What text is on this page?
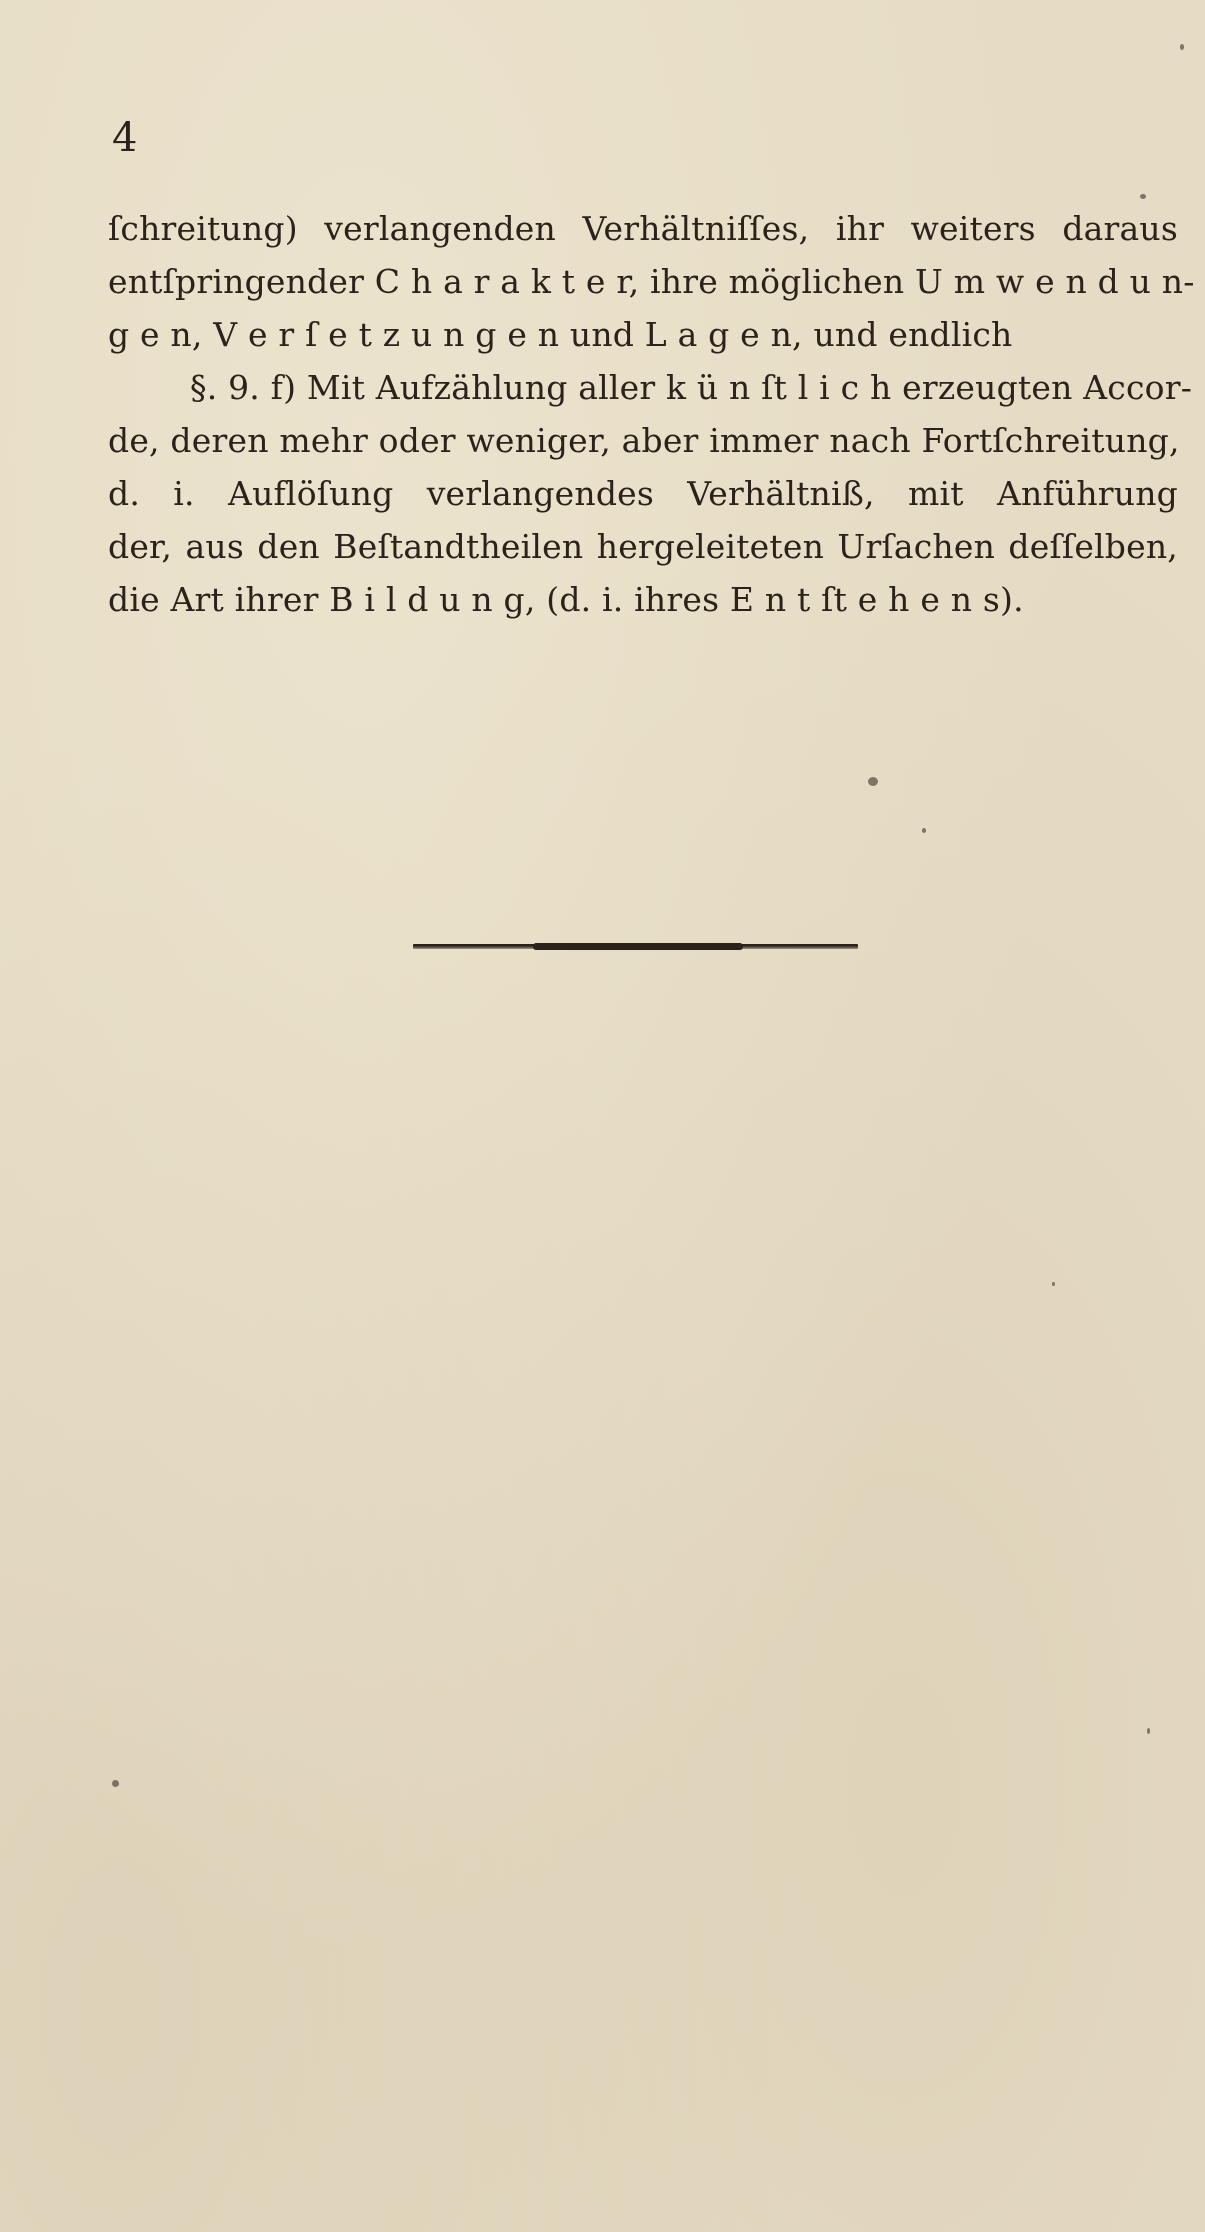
4
ſchreitung) verlangenden Verhältniſſes, ihr weiters daraus
entſpringender C h a r a k t e r, ihre möglichen U m w e n d u n-
g e n, V e r ſ e t z u n g e n und L a g e n, und endlich
§. 9. f) Mit Aufzählung aller k ü n ſt l i c h erzeugten Accor-
de, deren mehr oder weniger, aber immer nach Fortſchreitung,
d. i. Auflöſung verlangendes Verhältniß, mit Anführung
der, aus den Beſtandtheilen hergeleiteten Urſachen deſſelben,
die Art ihrer B i l d u n g, (d. i. ihres E n t ſt e h e n s).
